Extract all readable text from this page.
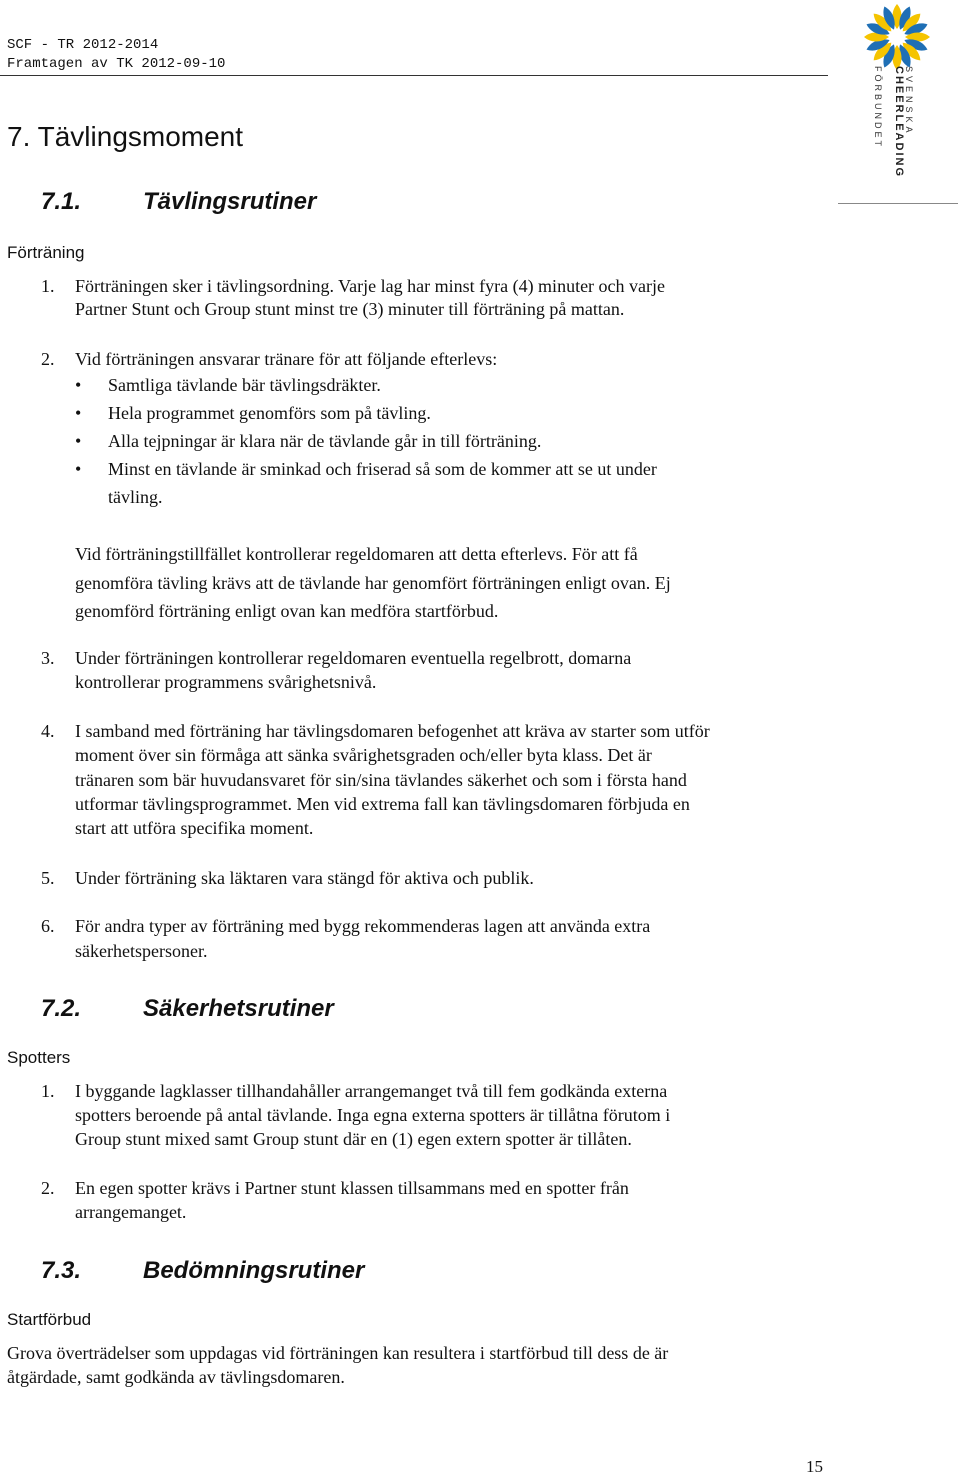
SCF - TR 2012-2014
Framtagen av TK 2012-09-10
SVENSKA
CHEERLEADING
FÖRBUNDET
7. Tävlingsmoment
7.1.	Tävlingsrutiner
Förträning
1. Förträningen sker i tävlingsordning. Varje lag har minst fyra (4) minuter och varje
Partner Stunt och Group stunt minst tre (3) minuter till förträning på mattan.
2. Vid förträningen ansvarar tränare för att följande efterlevs:
• Samtliga tävlande bär tävlingsdräkter.
• Hela programmet genomförs som på tävling.
• Alla tejpningar är klara när de tävlande går in till förträning.
• Minst en tävlande är sminkad och friserad så som de kommer att se ut under
tävling.
Vid förträningstillfället kontrollerar regeldomaren att detta efterlevs. För att få
genomföra tävling krävs att de tävlande har genomfört förträningen enligt ovan. Ej
genomförd förträning enligt ovan kan medföra startförbud.
3. Under förträningen kontrollerar regeldomaren eventuella regelbrott, domarna
kontrollerar programmens svårighetsnivå.
4. I samband med förträning har tävlingsdomaren befogenhet att kräva av starter som utför
moment över sin förmåga att sänka svårighetsgraden och/eller byta klass. Det är
tränaren som bär huvudansvaret för sin/sina tävlandes säkerhet och som i första hand
utformar tävlingsprogrammet. Men vid extrema fall kan tävlingsdomaren förbjuda en
start att utföra specifika moment.
5. Under förträning ska läktaren vara stängd för aktiva och publik.
6. För andra typer av förträning med bygg rekommenderas lagen att använda extra
säkerhetspersoner.
7.2.	Säkerhetsrutiner
Spotters
1. I byggande lagklasser tillhandahåller arrangemanget två till fem godkända externa
spotters beroende på antal tävlande. Inga egna externa spotters är tillåtna förutom i
Group stunt mixed samt Group stunt där en (1) egen extern spotter är tillåten.
2. En egen spotter krävs i Partner stunt klassen tillsammans med en spotter från
arrangemanget.
7.3.	Bedömningsrutiner
Startförbud
Grova överträdelser som uppdagas vid förträningen kan resultera i startförbud till dess de är
åtgärdade, samt godkända av tävlingsdomaren.
15
